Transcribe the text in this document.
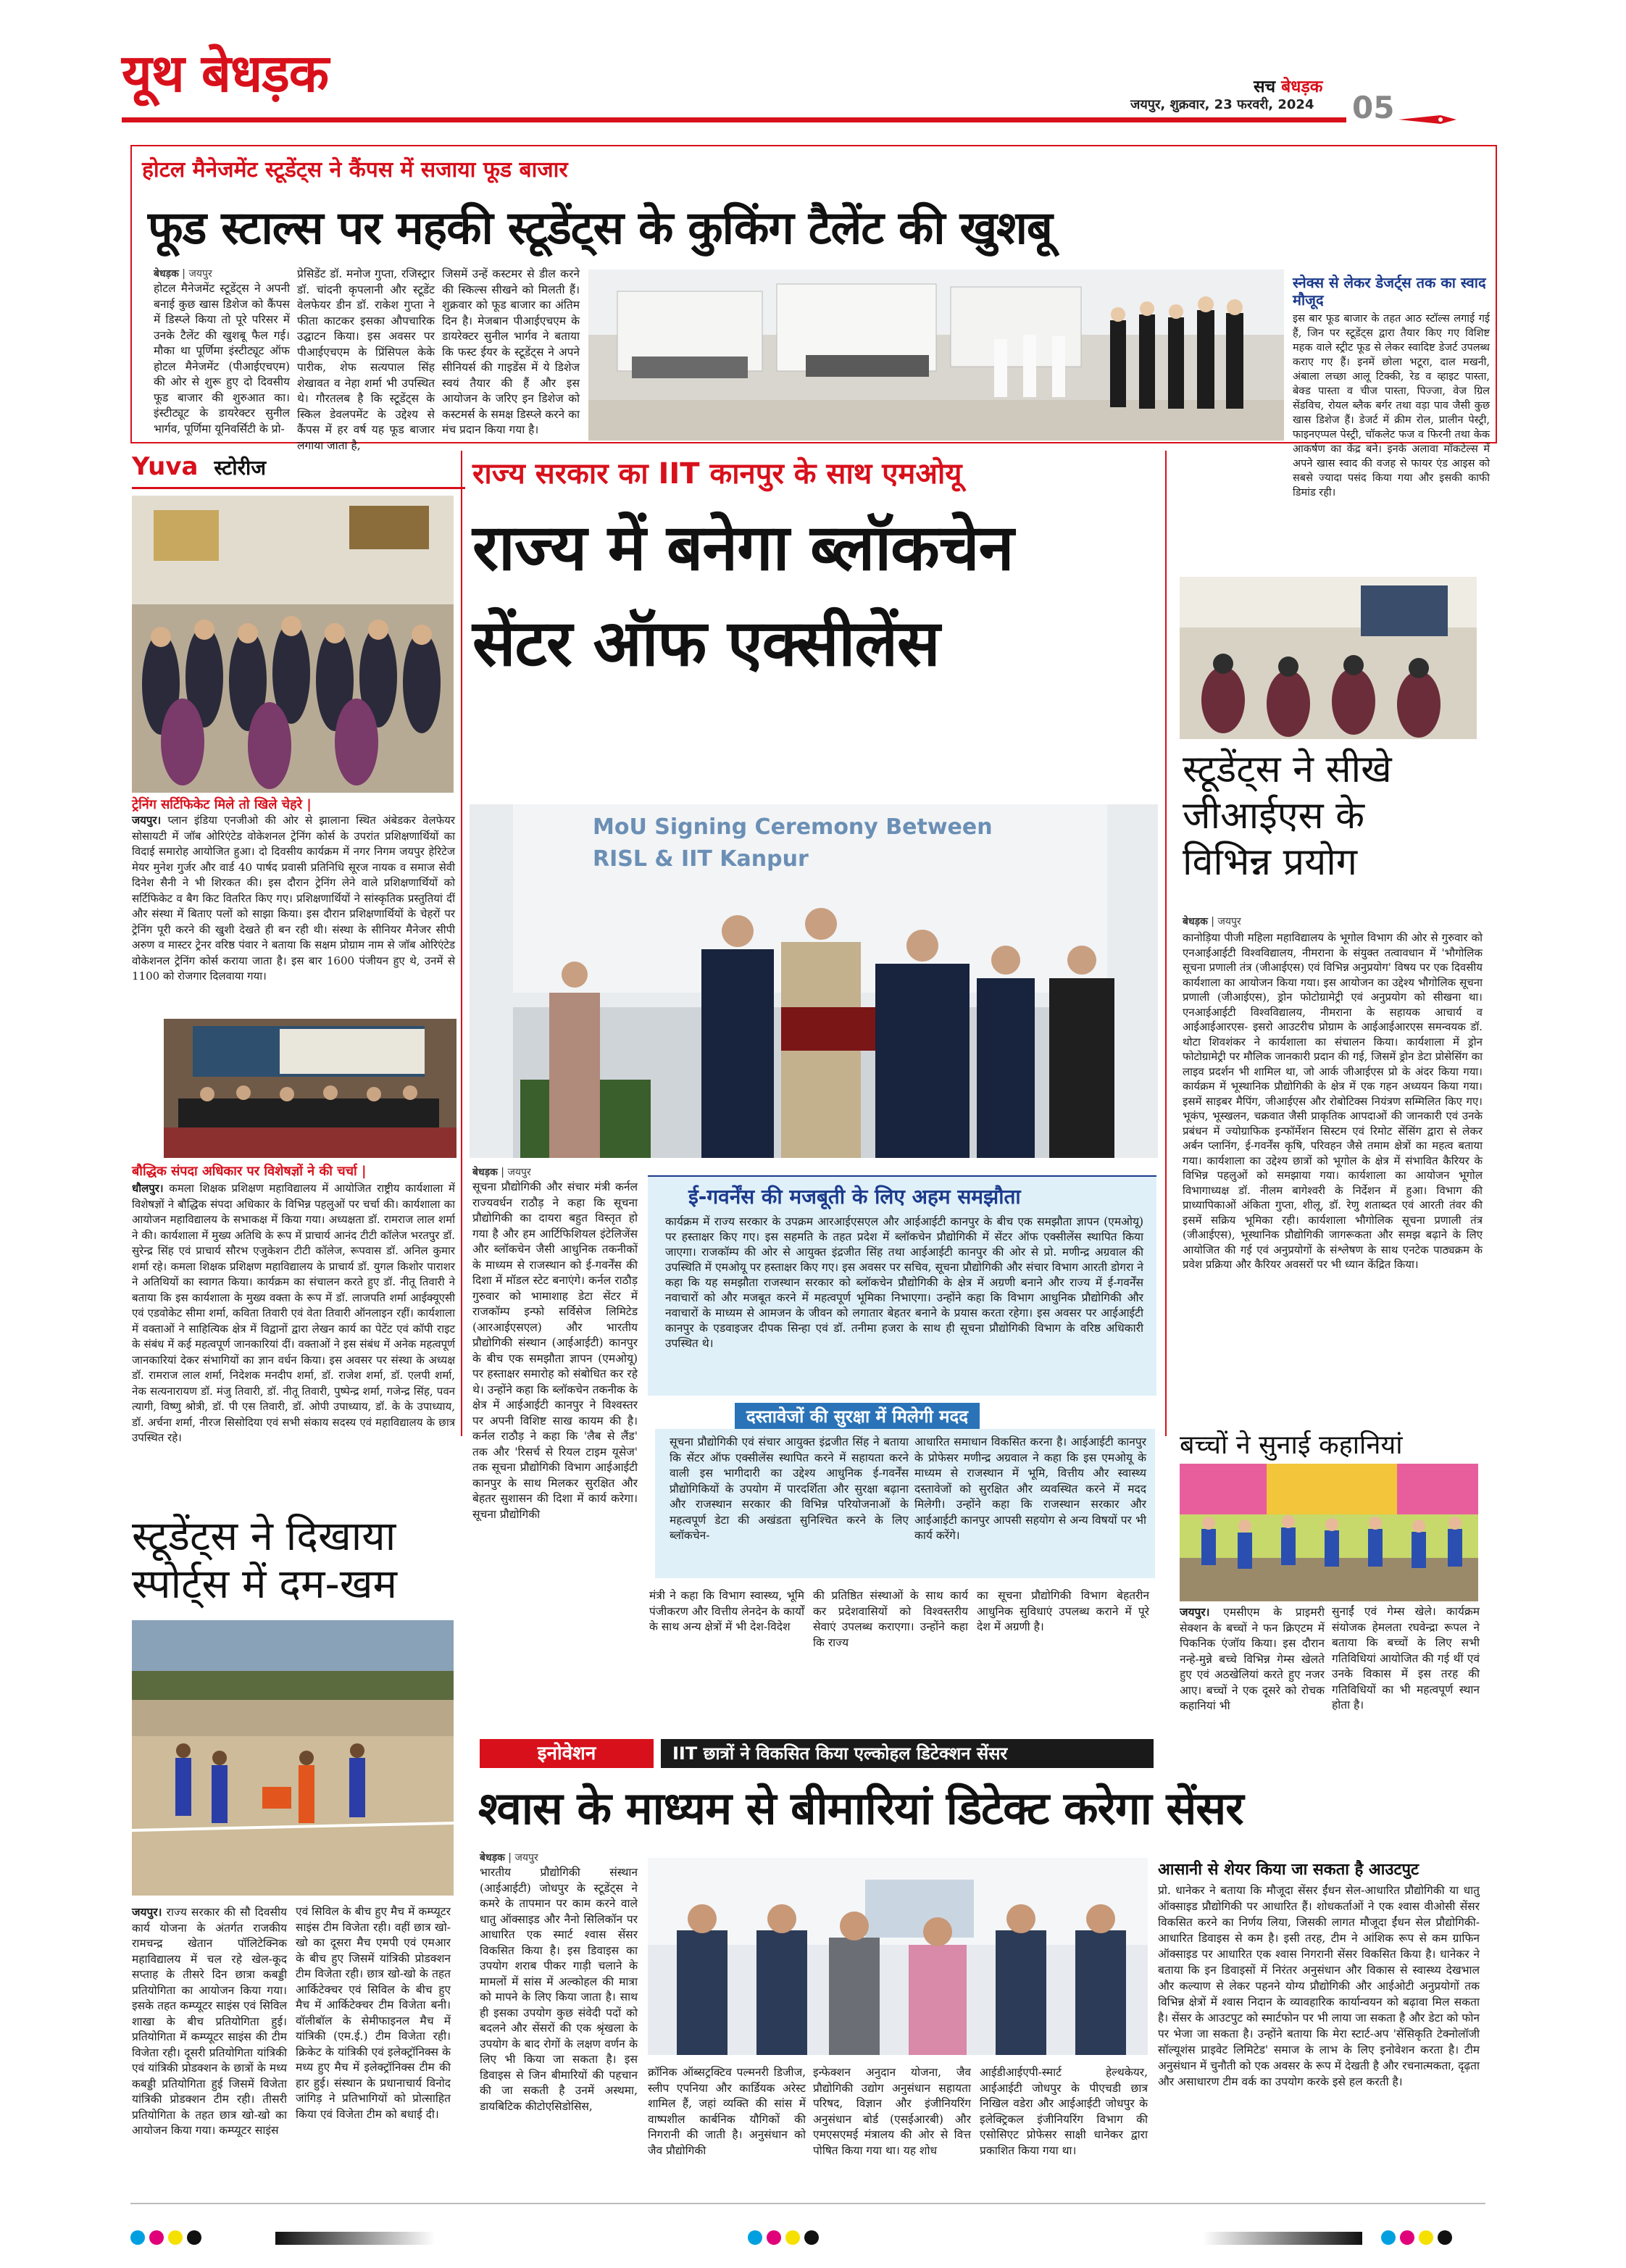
यूथ बेधड़क	सच बेधड़क
जयपुर, शुक्रवार, 23 फरवरी, 2024 05
होटल मैनेजमेंट स्टूडेंट्स ने कैंपस में सजाया फूड बाजार
फूड स्टाल्स पर महकी स्टूडेंट्स के कुकिंग टैलेंट की खुशबू
बेधड़क | जयपुर
होटल मैनेजमेंट स्टूडेंट्स ने अपनी बनाई कुछ खास डिशेज को कैंपस में डिस्प्ले किया तो पूरे परिसर में उनके टैलेंट की खुशबू फैल गई। मौका था पूर्णिमा इंस्टीट्यूट ऑफ होटल मैनेजमेंट (पीआईएचएम) की ओर से शुरू हुए दो दिवसीय फूड बाजार की शुरुआत का। इंस्टीट्यूट के डायरेक्टर सुनील भार्गव, पूर्णिमा यूनिवर्सिटी के प्रो-
प्रेसिडेंट डॉ. मनोज गुप्ता, रजिस्ट्रार डॉ. चांदनी कृपलानी और स्टूडेंट वेलफेयर डीन डॉ. राकेश गुप्ता ने फीता काटकर इसका औपचारिक उद्घाटन किया। इस अवसर पर पीआईएचएम के प्रिंसिपल केके पारीक, शेफ सत्यपाल सिंह शेखावत व नेहा शर्मा भी उपस्थित थे। गौरतलब है कि स्टूडेंट्स के स्किल डेवलपमेंट के उद्देश्य से कैंपस में हर वर्ष यह फूड बाजार लगाया जाता है,
जिसमें उन्हें कस्टमर से डील करने की स्किल्स सीखने को मिलती हैं। शुक्रवार को फूड बाजार का अंतिम दिन है। मेजबान पीआईएचएम के डायरेक्टर सुनील भार्गव ने बताया कि फस्ट ईयर के स्टूडेंट्स ने अपने सीनियर्स की गाइडेंस में ये डिशेज स्वयं तैयार की हैं और इस आयोजन के जरिए इन डिशेज को कस्टमर्स के समक्ष डिस्प्ले करने का मंच प्रदान किया गया है।
स्नेक्स से लेकर डेजर्ट्स तक का स्वाद मौजूद
इस बार फूड बाजार के तहत आठ स्टॉल्स लगाई गई हैं, जिन पर स्टूडेंट्स द्वारा तैयार किए गए विशिष्ट महक वाले स्ट्रीट फूड से लेकर स्वादिष्ट डेजर्ट उपलब्ध कराए गए हैं। इनमें छोला भटूरा, दाल मखनी, अंबाला लच्छा आलू टिक्की, रेड व व्हाइट पास्ता, बेक्ड पास्ता व चीज पास्ता, पिज्जा, वेज ग्रिल सेंडविच, रोयल ब्लैक बर्गर तथा वड़ा पाव जैसी कुछ खास डिशेज हैं। डेजर्ट में क्रीम रोल, प्रालीन पेस्ट्री, फाइनएप्पल पेस्ट्री, चॉकलेट फज व फिरनी तथा केक आकर्षण का केंद्र बने। इनके अलावा मॉकटेल्स में अपने खास स्वाद की वजह से फायर एंड आइस को सबसे ज्यादा पसंद किया गया और इसकी काफी डिमांड रही।
Yuva स्टोरीज
ट्रेनिंग सर्टिफिकेट मिले तो खिले चेहरे |
जयपुर। प्लान इंडिया एनजीओ की ओर से झालाना स्थित अंबेडकर वेलफेयर सोसायटी में जॉब ओरिएंटेड वोकेशनल ट्रेनिंग कोर्स के उपरांत प्रशिक्षणार्थियों का विदाई समारोह आयोजित हुआ। दो दिवसीय कार्यक्रम में नगर निगम जयपुर हेरिटेज मेयर मुनेश गुर्जर और वार्ड 40 पार्षद प्रवासी प्रतिनिधि सूरज नायक व समाज सेवी दिनेश सैनी ने भी शिरकत की। इस दौरान ट्रेनिंग लेने वाले प्रशिक्षणार्थियों को सर्टिफिकेट व बैग किट वितरित किए गए। प्रशिक्षणार्थियों ने सांस्कृतिक प्रस्तुतियां दीं और संस्था में बिताए पलों को साझा किया। इस दौरान प्रशिक्षणार्थियों के चेहरों पर ट्रेनिंग पूरी करने की खुशी देखते ही बन रही थी। संस्था के सीनियर मैनेजर सीपी अरुण व मास्टर ट्रेनर वरिष्ठ पंवार ने बताया कि सक्षम प्रोग्राम नाम से जॉब ओरिएंटेड वोकेशनल ट्रेनिंग कोर्स कराया जाता है। इस बार 1600 पंजीयन हुए थे, उनमें से 1100 को रोजगार दिलवाया गया।
बौद्धिक संपदा अधिकार पर विशेषज्ञों ने की चर्चा |
धौलपुर। कमला शिक्षक प्रशिक्षण महाविद्यालय में आयोजित राष्ट्रीय कार्यशाला में विशेषज्ञों ने बौद्धिक संपदा अधिकार के विभिन्न पहलुओं पर चर्चा की। कार्यशाला का आयोजन महाविद्यालय के सभाकक्ष में किया गया। अध्यक्षता डॉ. रामराज लाल शर्मा ने की। कार्यशाला में मुख्य अतिथि के रूप में प्राचार्य आनंद टीटी कॉलेज भरतपुर डॉ. सुरेन्द्र सिंह एवं प्राचार्य सौरभ एजुकेशन टीटी कॉलेज, रूपवास डॉ. अनिल कुमार शर्मा रहे। कमला शिक्षक प्रशिक्षण महाविद्यालय के प्राचार्य डॉ. युगल किशोर पाराशर ने अतिथियों का स्वागत किया। कार्यक्रम का संचालन करते हुए डॉ. नीतू तिवारी ने बताया कि इस कार्यशाला के मुख्य वक्ता के रूप में डॉ. लाजपति शर्मा आईक्यूएसी एवं एडवोकेट सीमा शर्मा, कविता तिवारी एवं वेता तिवारी ऑनलाइन रहीं। कार्यशाला में वक्ताओं ने साहित्यिक क्षेत्र में विद्वानों द्वारा लेखन कार्य का पेटेंट एवं कॉपी राइट के संबंध में कई महत्वपूर्ण जानकारियां दीं। वक्ताओं ने इस संबंध में अनेक महत्वपूर्ण जानकारियां देकर संभागियों का ज्ञान वर्धन किया। इस अवसर पर संस्था के अध्यक्ष डॉ. रामराज लाल शर्मा, निदेशक मनदीप शर्मा, डॉ. राजेश शर्मा, डॉ. एलपी शर्मा, नेक सत्यनारायण डॉ. मंजु तिवारी, डॉ. नीतू तिवारी, पुष्पेन्द्र शर्मा, गजेन्द्र सिंह, पवन त्यागी, विष्णु श्रोत्री, डॉ. पी एस तिवारी, डॉ. ओपी उपाध्याय, डॉ. के के उपाध्याय, डॉ. अर्चना शर्मा, नीरज सिसोदिया एवं सभी संकाय सदस्य एवं महाविद्यालय के छात्र उपस्थित रहे।
स्टूडेंट्स ने दिखाया
स्पोर्ट्स में दम-खम
जयपुर। राज्य सरकार की सौ दिवसीय कार्य योजना के अंतर्गत राजकीय रामचन्द्र खेतान पॉलिटेक्निक महाविद्यालय में चल रहे खेल-कूद सप्ताह के तीसरे दिन छात्रा कबड्डी प्रतियोगिता का आयोजन किया गया। इसके तहत कम्प्यूटर साइंस एवं सिविल शाखा के बीच प्रतियोगिता हुई। प्रतियोगिता में कम्प्यूटर साइंस की टीम विजेता रही। दूसरी प्रतियोगिता यांत्रिकी एवं यांत्रिकी प्रोडक्शन के छात्रों के मध्य कबड्डी प्रतियोगिता हुई जिसमें विजेता यांत्रिकी प्रोडक्शन टीम रही। तीसरी प्रतियोगिता के तहत छात्र खो-खो का आयोजन किया गया। कम्प्यूटर साइंस
एवं सिविल के बीच हुए मैच में कम्प्यूटर साइंस टीम विजेता रही। वहीं छात्र खो-खो का दूसरा मैच एमपी एवं एमआर के बीच हुए जिसमें यांत्रिकी प्रोडक्शन टीम विजेता रही। छात्र खो-खो के तहत आर्किटेक्चर एवं सिविल के बीच हुए मैच में आर्किटेक्चर टीम विजेता बनी। वॉलीबॉल के सेमीफाइनल मैच में यांत्रिकी (एम.ई.) टीम विजेता रही। क्रिकेट के यांत्रिकी एवं इलेक्ट्रॉनिक्स के मध्य हुए मैच में इलेक्ट्रॉनिक्स टीम की हार हुई। संस्थान के प्रधानाचार्य विनोद जांगिड़ ने प्रतिभागियों को प्रोत्साहित किया एवं विजेता टीम को बधाई दी।
राज्य सरकार का IIT कानपुर के साथ एमओयू
राज्य में बनेगा ब्लॉकचेन
सेंटर ऑफ एक्सीलेंस
MoU Signing Ceremony Between
RISL & IIT Kanpur
बेधड़क | जयपुर
सूचना प्रौद्योगिकी और संचार मंत्री कर्नल राज्यवर्धन राठौड़ ने कहा कि सूचना प्रौद्योगिकी का दायरा बहुत विस्तृत हो गया है और हम आर्टिफिशियल इंटेलिजेंस और ब्लॉकचेन जैसी आधुनिक तकनीकों के माध्यम से राजस्थान को ई-गवर्नेंस की दिशा में मॉडल स्टेट बनाएंगे। कर्नल राठौड़ गुरुवार को भामाशाह डेटा सेंटर में राजकॉम्प इन्फो सर्विसेज लिमिटेड (आरआईएसएल) और भारतीय प्रौद्योगिकी संस्थान (आईआईटी) कानपुर के बीच एक समझौता ज्ञापन (एमओयू) पर हस्ताक्षर समारोह को संबोधित कर रहे थे। उन्होंने कहा कि ब्लॉकचेन तकनीक के क्षेत्र में आईआईटी कानपुर ने विश्वस्तर पर अपनी विशिष्ट साख कायम की है। कर्नल राठौड़ ने कहा कि 'लैब से लैंड' तक और 'रिसर्च से रियल टाइम यूसेज' तक सूचना प्रौद्योगिकी विभाग आईआईटी कानपुर के साथ मिलकर सुरक्षित और बेहतर सुशासन की दिशा में कार्य करेगा। सूचना प्रौद्योगिकी
ई-गवर्नेंस की मजबूती के लिए अहम समझौता
कार्यक्रम में राज्य सरकार के उपक्रम आरआईएसएल और आईआईटी कानपुर के बीच एक समझौता ज्ञापन (एमओयू) पर हस्ताक्षर किए गए। इस सहमति के तहत प्रदेश में ब्लॉकचेन प्रौद्योगिकी में सेंटर ऑफ एक्सीलेंस स्थापित किया जाएगा। राजकॉम्प की ओर से आयुक्त इंद्रजीत सिंह तथा आईआईटी कानपुर की ओर से प्रो. मणीन्द्र अग्रवाल की उपस्थिति में एमओयू पर हस्ताक्षर किए गए। इस अवसर पर सचिव, सूचना प्रौद्योगिकी और संचार विभाग आरती डोगरा ने कहा कि यह समझौता राजस्थान सरकार को ब्लॉकचेन प्रौद्योगिकी के क्षेत्र में अग्रणी बनाने और राज्य में ई-गवर्नेंस नवाचारों को और मजबूत करने में महत्वपूर्ण भूमिका निभाएगा। उन्होंने कहा कि विभाग आधुनिक प्रौद्योगिकी और नवाचारों के माध्यम से आमजन के जीवन को लगातार बेहतर बनाने के प्रयास करता रहेगा। इस अवसर पर आईआईटी कानपुर के एडवाइजर दीपक सिन्हा एवं डॉ. तनीमा हजरा के साथ ही सूचना प्रौद्योगिकी विभाग के वरिष्ठ अधिकारी उपस्थित थे।
दस्तावेजों की सुरक्षा में मिलेगी मदद
सूचना प्रौद्योगिकी एवं संचार आयुक्त इंद्रजीत सिंह ने बताया कि सेंटर ऑफ एक्सीलेंस स्थापित करने में सहायता करने वाली इस भागीदारी का उद्देश्य आधुनिक ई-गवर्नेंस प्रौद्योगिकियों के उपयोग में पारदर्शिता और सुरक्षा बढ़ाना और राजस्थान सरकार की विभिन्न परियोजनाओं के महत्वपूर्ण डेटा की अखंडता सुनिश्चित करने के लिए ब्लॉकचेन-
आधारित समाधान विकसित करना है। आईआईटी कानपुर के प्रोफेसर मणीन्द्र अग्रवाल ने कहा कि इस एमओयू के माध्यम से राजस्थान में भूमि, वित्तीय और स्वास्थ्य दस्तावेजों को सुरक्षित और व्यवस्थित करने में मदद मिलेगी। उन्होंने कहा कि राजस्थान सरकार और आईआईटी कानपुर आपसी सहयोग से अन्य विषयों पर भी कार्य करेंगे।
मंत्री ने कहा कि विभाग स्वास्थ्य, भूमि पंजीकरण और वित्तीय लेनदेन के कार्यों के साथ अन्य क्षेत्रों में भी देश-विदेश
की प्रतिष्ठित संस्थाओं के साथ कार्य कर प्रदेशवासियों को विश्वस्तरीय सेवाएं उपलब्ध कराएगा। उन्होंने कहा कि राज्य
का सूचना प्रौद्योगिकी विभाग बेहतरीन आधुनिक सुविधाएं उपलब्ध कराने में पूरे देश में अग्रणी है।
स्टूडेंट्स ने सीखे
जीआईएस के
विभिन्न प्रयोग
बेधड़क | जयपुर
कानोड़िया पीजी महिला महाविद्यालय के भूगोल विभाग की ओर से गुरुवार को एनआईआईटी विश्वविद्यालय, नीमराना के संयुक्त तत्वावधान में 'भौगोलिक सूचना प्रणाली तंत्र (जीआईएस) एवं विभिन्न अनुप्रयोग' विषय पर एक दिवसीय कार्यशाला का आयोजन किया गया। इस आयोजन का उद्देश्य भौगोलिक सूचना प्रणाली (जीआईएस), ड्रोन फोटोग्रामेट्री एवं अनुप्रयोग को सीखना था। एनआईआईटी विश्वविद्यालय, नीमराना के सहायक आचार्य व आईआईआरएस- इसरो आउटरीच प्रोग्राम के आईआईआरएस समन्वयक डॉ. थोटा शिवशंकर ने कार्यशाला का संचालन किया। कार्यशाला में ड्रोन फोटोग्रामेट्री पर मौलिक जानकारी प्रदान की गई, जिसमें ड्रोन डेटा प्रोसेसिंग का लाइव प्रदर्शन भी शामिल था, जो आर्क जीआईएस प्रो के अंदर किया गया। कार्यक्रम में भूस्थानिक प्रौद्योगिकी के क्षेत्र में एक गहन अध्ययन किया गया। इसमें साइबर मैपिंग, जीआईएस और रोबोटिक्स नियंत्रण सम्मिलित किए गए। भूकंप, भूस्खलन, चक्रवात जैसी प्राकृतिक आपदाओं की जानकारी एवं उनके प्रबंधन में ज्योग्राफिक इन्फॉर्मेशन सिस्टम एवं रिमोट सेंसिंग द्वारा से लेकर अर्बन प्लानिंग, ई-गवर्नेंस कृषि, परिवहन जैसे तमाम क्षेत्रों का महत्व बताया गया। कार्यशाला का उद्देश्य छात्रों को भूगोल के क्षेत्र में संभावित कैरियर के विभिन्न पहलुओं को समझाया गया। कार्यशाला का आयोजन भूगोल विभागाध्यक्ष डॉ. नीलम बागेश्वरी के निर्देशन में हुआ। विभाग की प्राध्यापिकाओं अंकिता गुप्ता, शीलू, डॉ. रेणु शताब्दत एवं आरती तंवर की इसमें सक्रिय भूमिका रही। कार्यशाला भौगोलिक सूचना प्रणाली तंत्र (जीआईएस), भूस्थानिक प्रौद्योगिकी जागरूकता और समझ बढ़ाने के लिए आयोजित की गई एवं अनुप्रयोगों के संश्लेषण के साथ एनटेक पाठ्यक्रम के प्रवेश प्रक्रिया और कैरियर अवसरों पर भी ध्यान केंद्रित किया।
बच्चों ने सुनाई कहानियां
जयपुर। एमसीएम के प्राइमरी सेक्शन के बच्चों ने फन क्रिएटम में पिकनिक एंजॉय किया। इस दौरान नन्हे-मुन्ने बच्चे विभिन्न गेम्स खेलते हुए एवं अठखेलियां करते हुए नजर आए। बच्चों ने एक दूसरे को रोचक कहानियां भी
सुनाईं एवं गेम्स खेले। कार्यक्रम संयोजक हेमलता रघवेन्द्रा रूपल ने बताया कि बच्चों के लिए सभी गतिविधियां आयोजित की गई थीं एवं उनके विकास में इस तरह की गतिविधियों का भी महत्वपूर्ण स्थान होता है।
इनोवेशन	IIT छात्रों ने विकसित किया एल्कोहल डिटेक्शन सेंसर
श्वास के माध्यम से बीमारियां डिटेक्ट करेगा सेंसर
बेधड़क | जयपुर
भारतीय प्रौद्योगिकी संस्थान (आईआईटी) जोधपुर के स्टूडेंट्स ने कमरे के तापमान पर काम करने वाले धातु ऑक्साइड और नैनो सिलिकॉन पर आधारित एक स्मार्ट श्वास सेंसर विकसित किया है। इस डिवाइस का उपयोग शराब पीकर गाड़ी चलाने के मामलों में सांस में अल्कोहल की मात्रा को मापने के लिए किया जाता है। साथ ही इसका उपयोग कुछ संवेदी पदों को बदलने और सेंसरों की एक श्रृंखला के उपयोग के बाद रोगों के लक्षण वर्णन के लिए भी किया जा सकता है। इस डिवाइस से जिन बीमारियों की पहचान की जा सकती है उनमें अस्थमा, डायबिटिक कीटोएसिडोसिस,
क्रॉनिक ऑब्सट्रक्टिव पल्मनरी डिजीज, स्लीप एपनिया और कार्डियक अरेस्ट शामिल हैं, जहां व्यक्ति की सांस में वाष्पशील कार्बनिक यौगिकों की निगरानी की जाती है। अनुसंधान को जैव प्रौद्योगिकी
इन्फेक्शन अनुदान योजना, जैव प्रौद्योगिकी उद्योग अनुसंधान सहायता परिषद, विज्ञान और इंजीनियरिंग अनुसंधान बोर्ड (एसईआरबी) और एमएसएमई मंत्रालय की ओर से वित्त पोषित किया गया था। यह शोध
आईडीआईएपी-स्मार्ट हेल्थकेयर, आईआईटी जोधपुर के पीएचडी छात्र निखिल वडेरा और आईआईटी जोधपुर के इलेक्ट्रिकल इंजीनियरिंग विभाग की एसोसिएट प्रोफेसर साक्षी धानेकर द्वारा प्रकाशित किया गया था।
आसानी से शेयर किया जा सकता है आउटपुट
प्रो. धानेकर ने बताया कि मौजूदा सेंसर ईंधन सेल-आधारित प्रौद्योगिकी या धातु ऑक्साइड प्रौद्योगिकी पर आधारित हैं। शोधकर्ताओं ने एक श्वास वीओसी सेंसर विकसित करने का निर्णय लिया, जिसकी लागत मौजूदा ईंधन सेल प्रौद्योगिकी-आधारित डिवाइस से कम है। इसी तरह, टीम ने आंशिक रूप से कम ग्राफिन ऑक्साइड पर आधारित एक श्वास निगरानी सेंसर विकसित किया है। धानेकर ने बताया कि इन डिवाइसों में निरंतर अनुसंधान और विकास से स्वास्थ्य देखभाल और कल्याण से लेकर पहनने योग्य प्रौद्योगिकी और आईओटी अनुप्रयोगों तक विभिन्न क्षेत्रों में श्वास निदान के व्यावहारिक कार्यान्वयन को बढ़ावा मिल सकता है। सेंसर के आउटपुट को स्मार्टफोन पर भी लाया जा सकता है और डेटा को फोन पर भेजा जा सकता है। उन्होंने बताया कि मेरा स्टार्ट-अप 'सेंसिकृति टेक्नोलॉजी सॉल्यूशंस प्राइवेट लिमिटेड' समाज के लाभ के लिए इनोवेशन करता है। टीम अनुसंधान में चुनौती को एक अवसर के रूप में देखती है और रचनात्मकता, दृढ़ता और असाधारण टीम वर्क का उपयोग करके इसे हल करती है।
